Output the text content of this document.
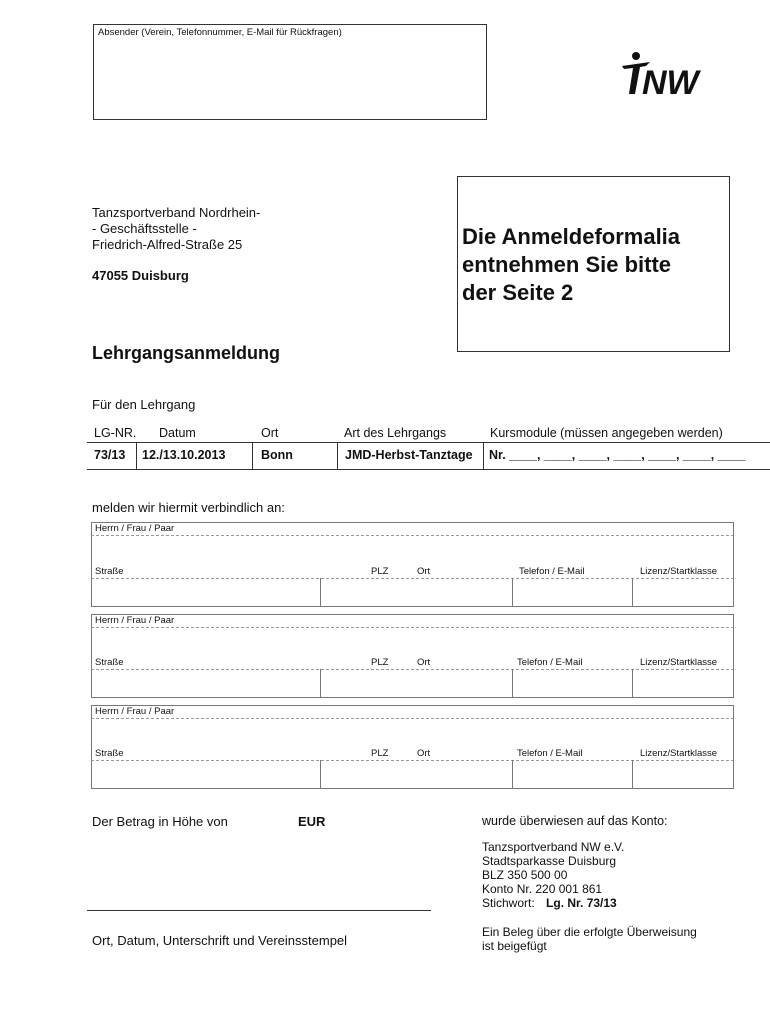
Absender (Verein, Telefonnummer, E-Mail für Rückfragen)
NW
Tanzsportverband Nordrhein-
- Geschäftsstelle -
Friedrich-Alfred-Straße 25
47055 Duisburg
Die Anmeldeformalia
entnehmen Sie bitte
der Seite 2
Lehrgangsanmeldung
Für den Lehrgang
LG-NR. Datum	Ort	Art des Lehrgangs	Kursmodule (müssen angegeben werden)
73/13 12./13.10.2013	Bonn	JMD-Herbst-Tanztage Nr. ____, ____, ____, ____, ____, ____, ____
melden wir hiermit verbindlich an:
Herrn / Frau / Paar
Straße	PLZ	Ort	Telefon / E-Mail	Lizenz/Startklasse
Herrn / Frau / Paar
Straße	PLZ	Ort	Telefon / E-Mail	Lizenz/Startklasse
Herrn / Frau / Paar
Straße	PLZ	Ort	Telefon / E-Mail	Lizenz/Startklasse
Der Betrag in Höhe von	EUR	wurde überwiesen auf das Konto:
Tanzsportverband NW e.V.
Stadtsparkasse Duisburg
BLZ 350 500 00
Konto Nr. 220 001 861
Stichwort: Lg. Nr. 73/13
Ort, Datum, Unterschrift und Vereinsstempel
Ein Beleg über die erfolgte Überweisung
ist beigefügt
